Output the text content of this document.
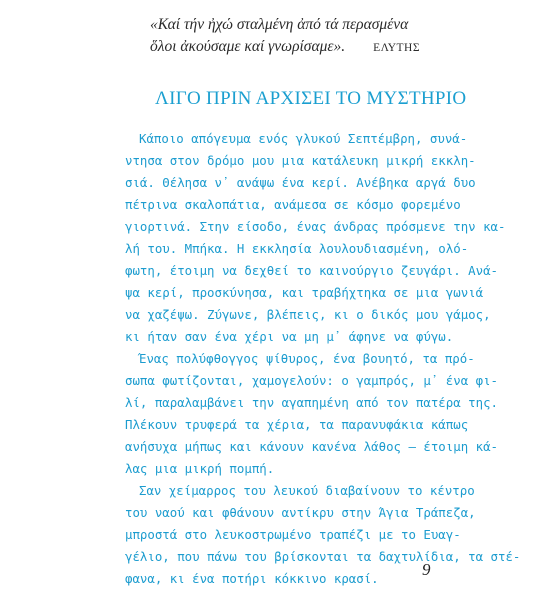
«Καί τήν ἠχώ σταλμένη ἀπό τά περασμένα
ὅλοι ἀκούσαμε καί γνωρίσαμε». ΕΛΥΤΗΣ
ΛΙΓΟ ΠΡΙΝ ΑΡΧΙΣΕΙ ΤΟ ΜΥΣΤΗΡΙΟ
Κάποιο απόγευμα ενός γλυκού Σεπτέμβρη, συνά-
ντησα στον δρόμο μου μια κατάλευκη μικρή εκκλη-
σιά. Θέλησα ν᾽ ανάψω ένα κερί. Ανέβηκα αργά δυο
πέτρινα σκαλοπάτια, ανάμεσα σε κόσμο φορεμένο
γιορτινά. Στην είσοδο, ένας άνδρας πρόσμενε την κα-
λή του. Μπήκα. Η εκκλησία λουλουδιασμένη, ολό-
φωτη, έτοιμη να δεχθεί το καινούργιο ζευγάρι. Ανά-
ψα κερί, προσκύνησα, και τραβήχτηκα σε μια γωνιά
να χαζέψω. Ζύγωνε, βλέπεις, κι ο δικός μου γάμος,
κι ήταν σαν ένα χέρι να μη μ᾽ άφηνε να φύγω.
Ένας πολύφθογγος ψίθυρος, ένα βουητό, τα πρό-
σωπα φωτίζονται, χαμογελούν: ο γαμπρός, μ᾽ ένα φι-
λί, παραλαμβάνει την αγαπημένη από τον πατέρα της.
Πλέκουν τρυφερά τα χέρια, τα παρανυφάκια κάπως
ανήσυχα μήπως και κάνουν κανένα λάθος – έτοιμη κά-
λας μια μικρή πομπή.
Σαν χείμαρρος του λευκού διαβαίνουν το κέντρο
του ναού και φθάνουν αντίκρυ στην Άγια Τράπεζα,
μπροστά στο λευκοστρωμένο τραπέζι με το Ευαγ-
γέλιο, που πάνω του βρίσκονται τα δαχτυλίδια, τα στέ-
φανα, κι ένα ποτήρι κόκκινο κρασί.	9
